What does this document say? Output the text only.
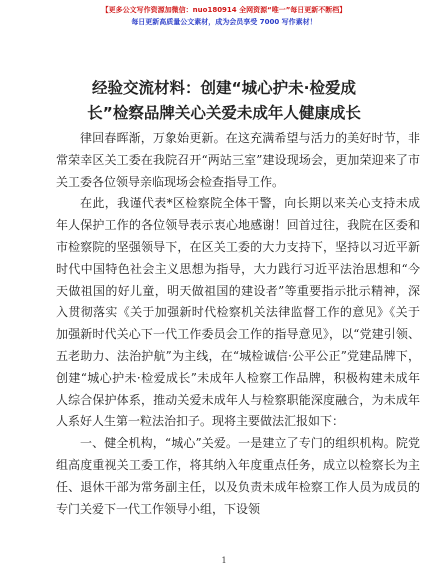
【更多公文写作资源加微信：nuo180914 全网资源“唯一”每日更新不断档】
每日更新高质量公文素材，成为会员享受 7000 写作素材！
经验交流材料：创建“城心护未·检爱成
长”检察品牌关心关爱未成年人健康成长

律回春晖渐，万象始更新。在这充满希望与活力的美好时节，非常荣幸区关工委在我院召开“两站三室”建设现场会，更加荣迎来了市关工委各位领导亲临现场会检查指导工作。

在此，我谨代表*区检察院全体干警，向长期以来关心支持未成年人保护工作的各位领导表示衷心地感谢！回首过往，我院在区委和市检察院的坚强领导下，在区关工委的大力支持下，坚持以习近平新时代中国特色社会主义思想为指导，大力践行习近平法治思想和“今天做祖国的好儿童，明天做祖国的建设者”等重要指示批示精神，深入贯彻落实《关于加强新时代检察机关法律监督工作的意见》《关于加强新时代关心下一代工作委员会工作的指导意见》，以“党建引领、五老助力、法治护航”为主线，在“城检诚信·公平公正”党建品牌下，创建“城心护未·检爱成长”未成年人检察工作品牌，积极构建未成年人综合保护体系，推动关爱未成年人与检察职能深度融合，为未成年人系好人生第一粒法治扣子。现将主要做法汇报如下：

一、健全机构，“城心”关爱。一是建立了专门的组织机构。院党组高度重视关工委工作，将其纳入年度重点任务，成立以检察长为主任、退休干部为常务副主任，以及负责未成年检察工作人员为成员的专门关爱下一代工作领导小组，下设领

1
